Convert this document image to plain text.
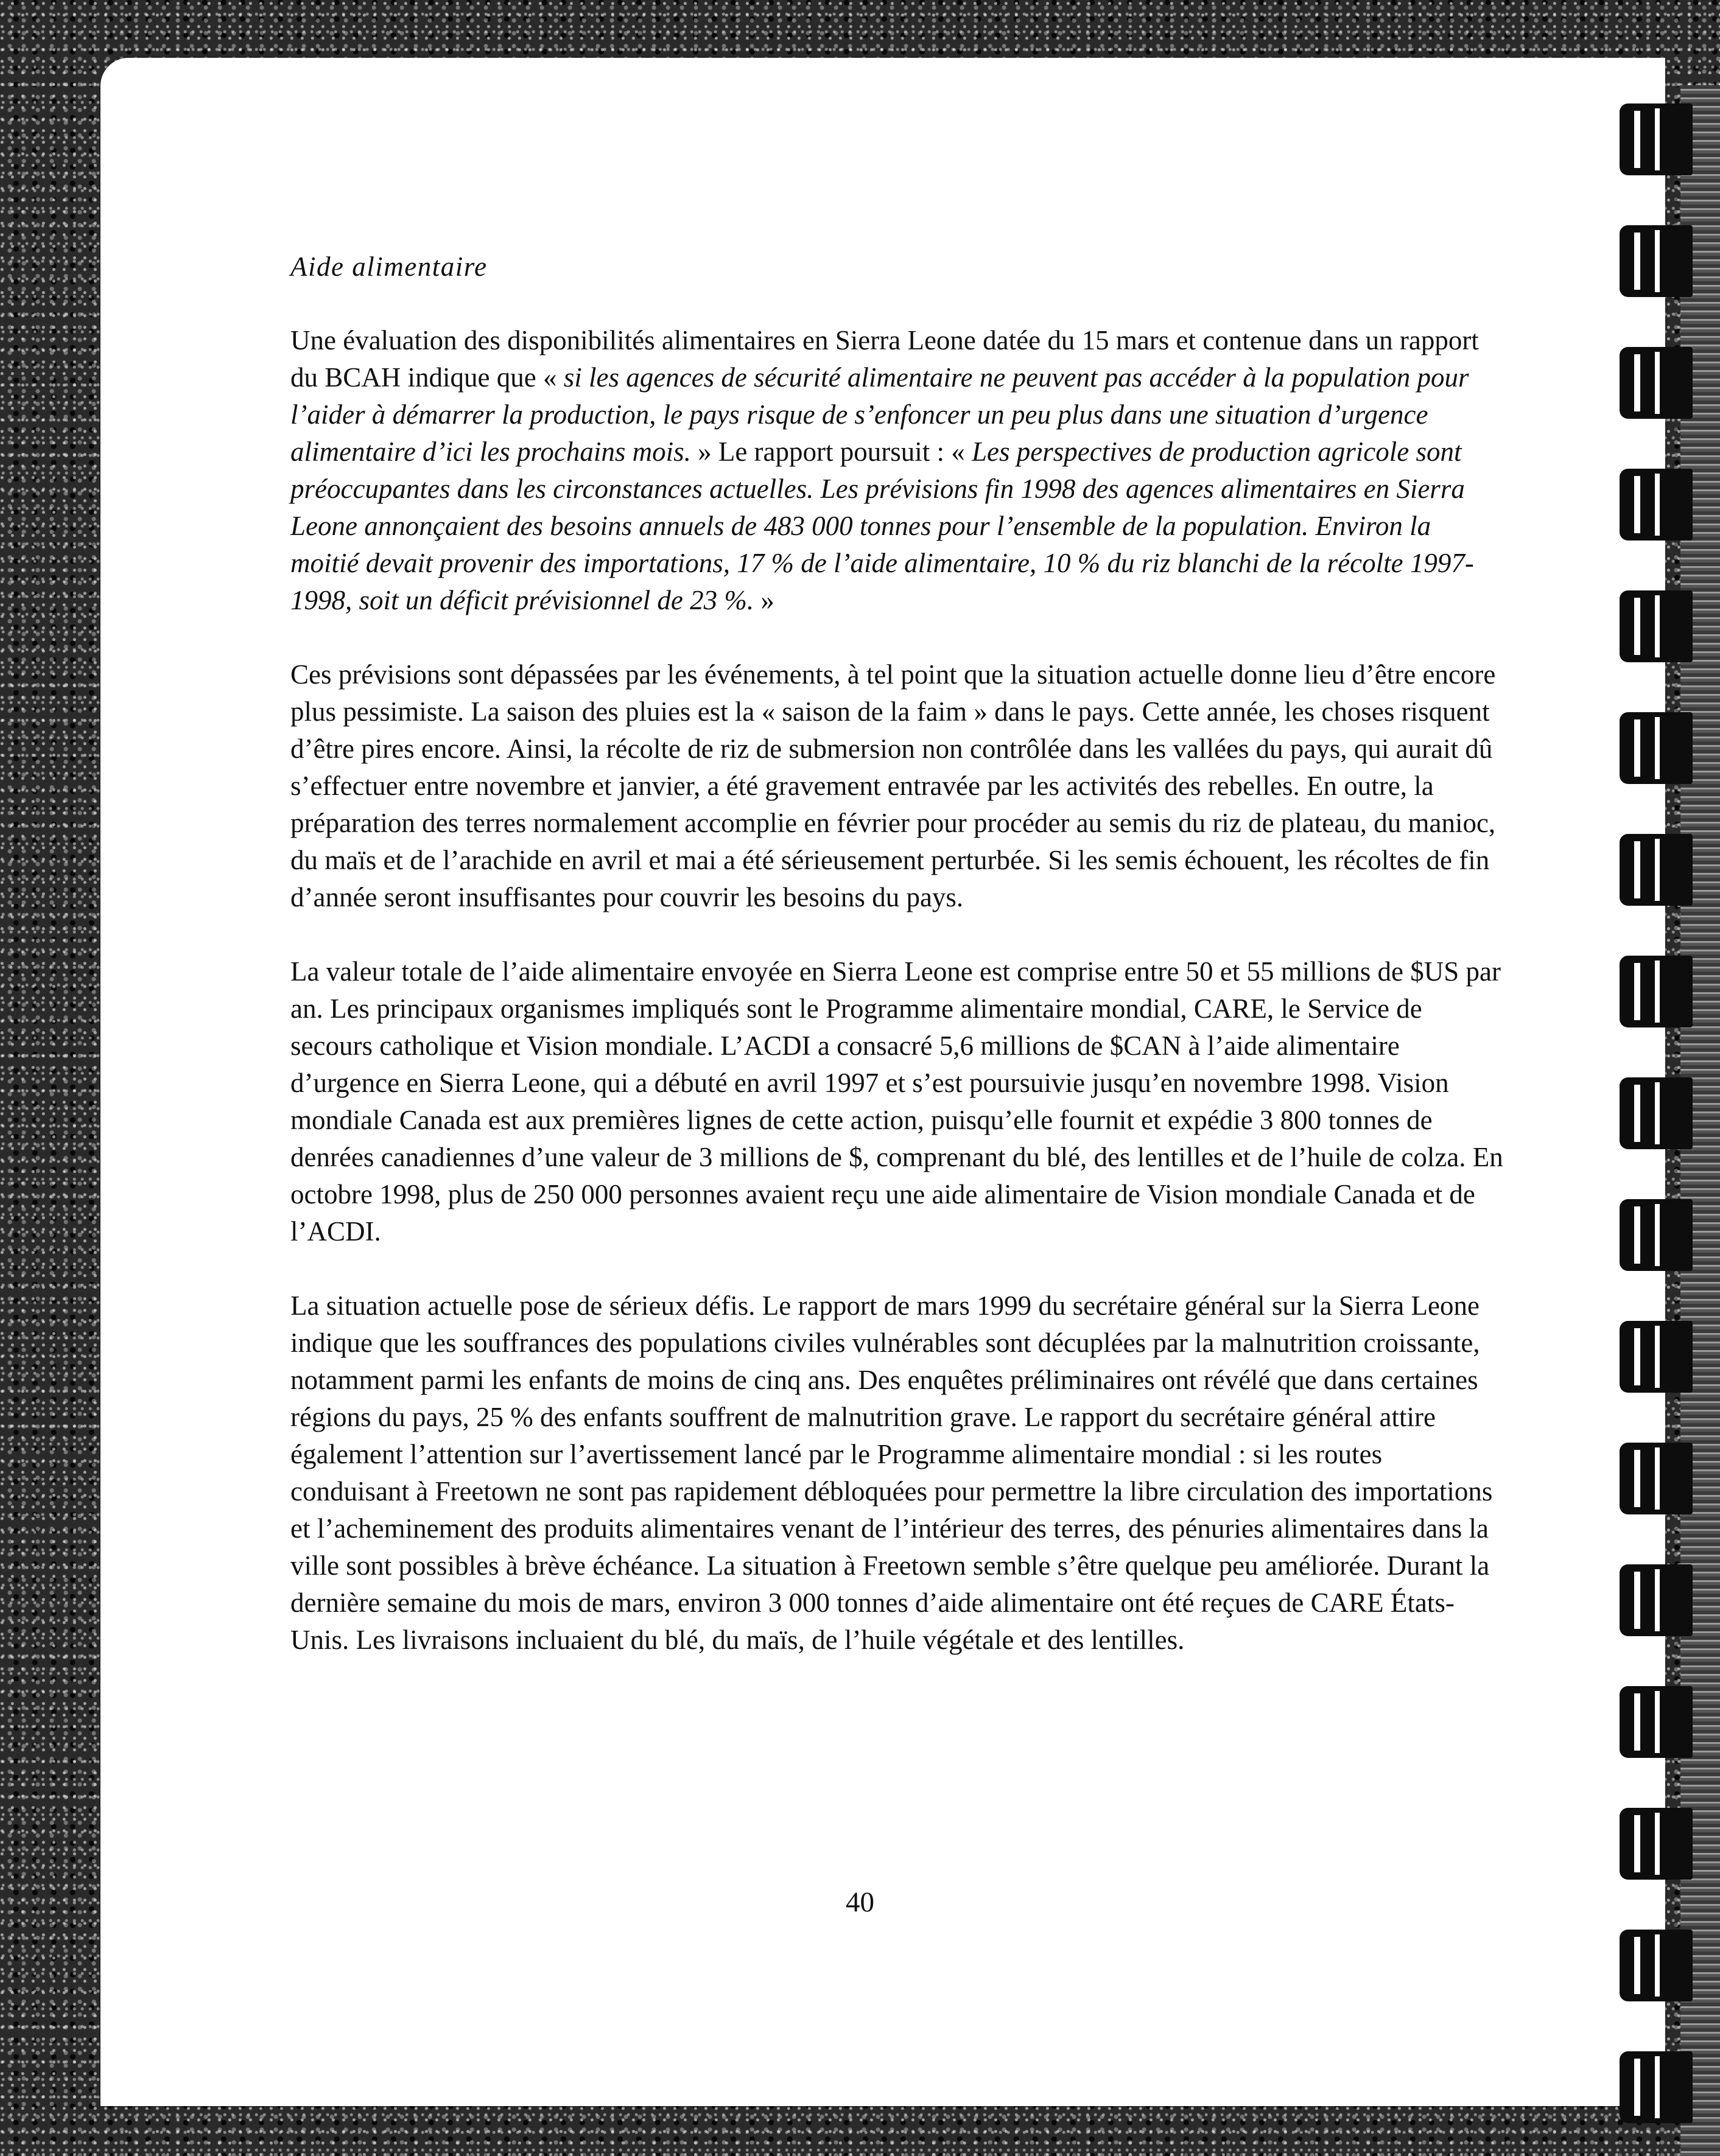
Aide alimentaire

Une évaluation des disponibilités alimentaires en Sierra Leone datée du 15 mars et contenue dans un rapport du BCAH indique que « si les agences de sécurité alimentaire ne peuvent pas accéder à la population pour l’aider à démarrer la production, le pays risque de s’enfoncer un peu plus dans une situation d’urgence alimentaire d’ici les prochains mois. » Le rapport poursuit : « Les perspectives de production agricole sont préoccupantes dans les circonstances actuelles. Les prévisions fin 1998 des agences alimentaires en Sierra Leone annonçaient des besoins annuels de 483 000 tonnes pour l’ensemble de la population. Environ la moitié devait provenir des importations, 17 % de l’aide alimentaire, 10 % du riz blanchi de la récolte 1997-1998, soit un déficit prévisionnel de 23 %. »

Ces prévisions sont dépassées par les événements, à tel point que la situation actuelle donne lieu d’être encore plus pessimiste. La saison des pluies est la « saison de la faim » dans le pays. Cette année, les choses risquent d’être pires encore. Ainsi, la récolte de riz de submersion non contrôlée dans les vallées du pays, qui aurait dû s’effectuer entre novembre et janvier, a été gravement entravée par les activités des rebelles. En outre, la préparation des terres normalement accomplie en février pour procéder au semis du riz de plateau, du manioc, du maïs et de l’arachide en avril et mai a été sérieusement perturbée. Si les semis échouent, les récoltes de fin d’année seront insuffisantes pour couvrir les besoins du pays.

La valeur totale de l’aide alimentaire envoyée en Sierra Leone est comprise entre 50 et 55 millions de $US par an. Les principaux organismes impliqués sont le Programme alimentaire mondial, CARE, le Service de secours catholique et Vision mondiale. L’ACDI a consacré 5,6 millions de $CAN à l’aide alimentaire d’urgence en Sierra Leone, qui a débuté en avril 1997 et s’est poursuivie jusqu’en novembre 1998. Vision mondiale Canada est aux premières lignes de cette action, puisqu’elle fournit et expédie 3 800 tonnes de denrées canadiennes d’une valeur de 3 millions de $, comprenant du blé, des lentilles et de l’huile de colza. En octobre 1998, plus de 250 000 personnes avaient reçu une aide alimentaire de Vision mondiale Canada et de l’ACDI.

La situation actuelle pose de sérieux défis. Le rapport de mars 1999 du secrétaire général sur la Sierra Leone indique que les souffrances des populations civiles vulnérables sont décuplées par la malnutrition croissante, notamment parmi les enfants de moins de cinq ans. Des enquêtes préliminaires ont révélé que dans certaines régions du pays, 25 % des enfants souffrent de malnutrition grave. Le rapport du secrétaire général attire également l’attention sur l’avertissement lancé par le Programme alimentaire mondial : si les routes conduisant à Freetown ne sont pas rapidement débloquées pour permettre la libre circulation des importations et l’acheminement des produits alimentaires venant de l’intérieur des terres, des pénuries alimentaires dans la ville sont possibles à brève échéance. La situation à Freetown semble s’être quelque peu améliorée. Durant la dernière semaine du mois de mars, environ 3 000 tonnes d’aide alimentaire ont été reçues de CARE États-Unis. Les livraisons incluaient du blé, du maïs, de l’huile végétale et des lentilles.

40
